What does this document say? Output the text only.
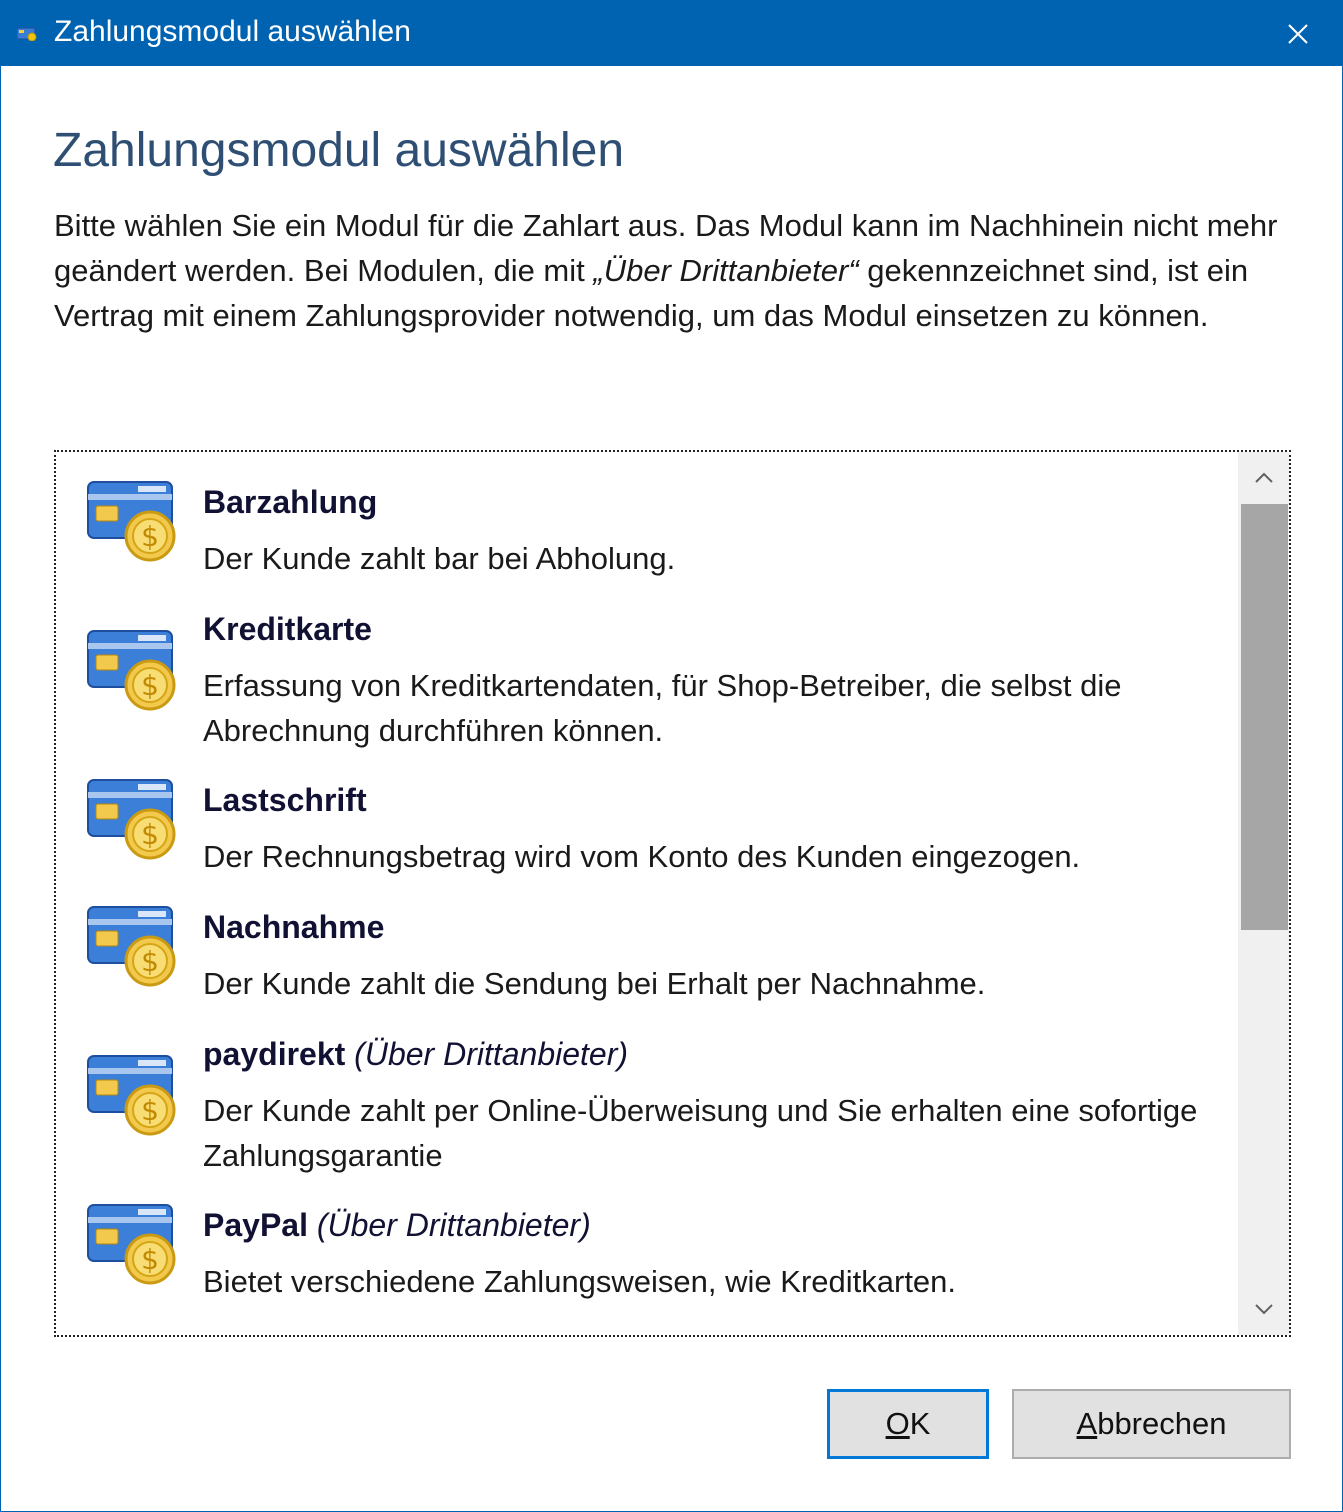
Zahlungsmodul auswählen
Zahlungsmodul auswählen
Bitte wählen Sie ein Modul für die Zahlart aus. Das Modul kann im Nachhinein nicht mehr geändert werden. Bei Modulen, die mit „Über Drittanbieter“ gekennzeichnet sind, ist ein Vertrag mit einem Zahlungsprovider notwendig, um das Modul einsetzen zu können.
$
Barzahlung
Der Kunde zahlt bar bei Abholung.
$
Kreditkarte
Erfassung von Kreditkartendaten, für Shop-Betreiber, die selbst die Abrechnung durchführen können.
$
Lastschrift
Der Rechnungsbetrag wird vom Konto des Kunden eingezogen.
$
Nachnahme
Der Kunde zahlt die Sendung bei Erhalt per Nachnahme.
$
paydirekt (Über Drittanbieter)
Der Kunde zahlt per Online-Überweisung und Sie erhalten eine sofortige Zahlungsgarantie
$
PayPal (Über Drittanbieter)
Bietet verschiedene Zahlungsweisen, wie Kreditkarten.
O K	A bbrechen
